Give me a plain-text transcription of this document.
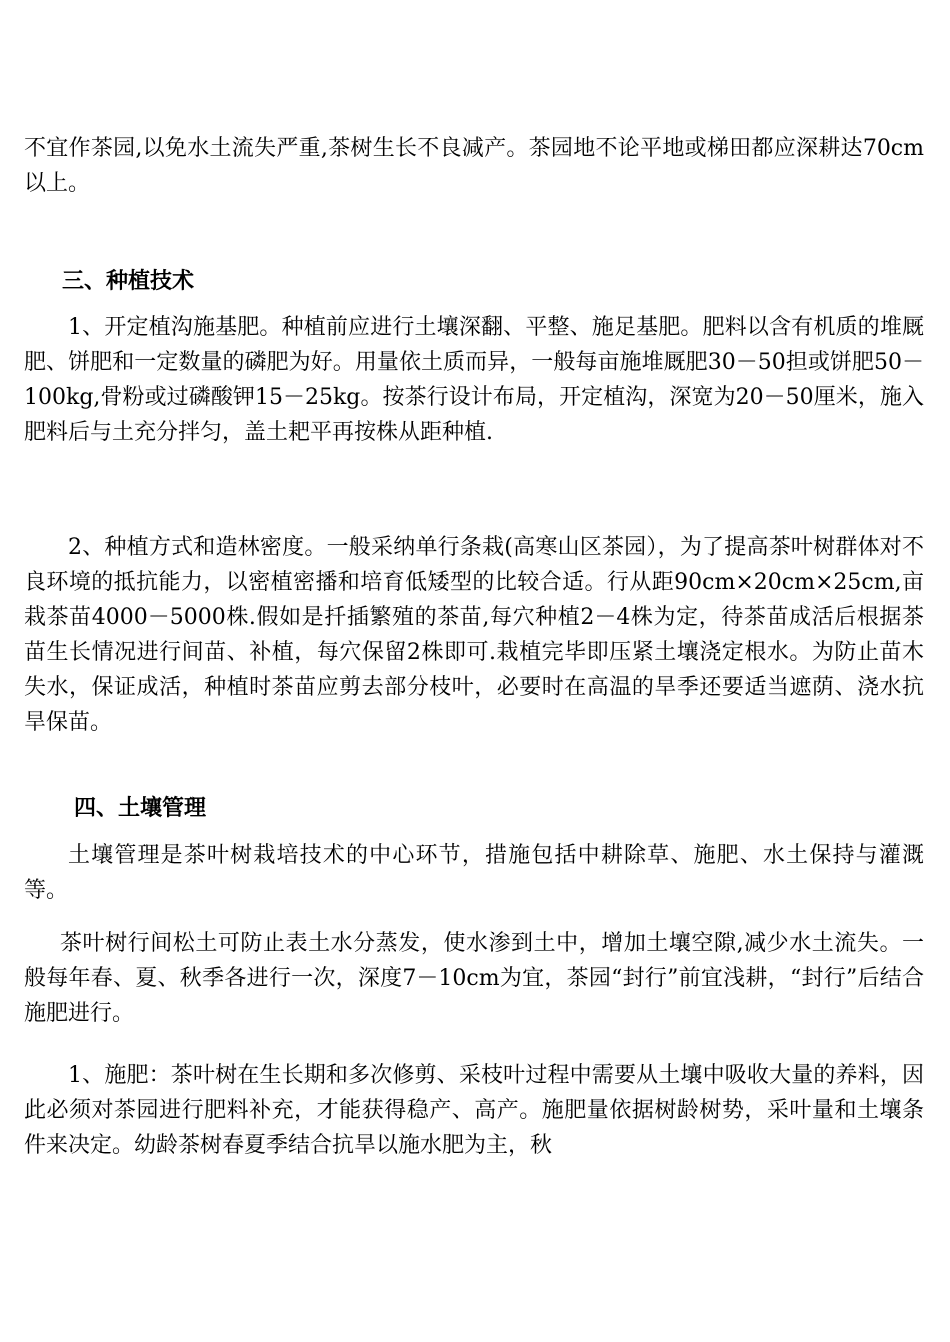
不宜作茶园,以免水土流失严重,茶树生长不良减产。茶园地不论平地或梯田都应深耕达70cm以上。

三、种植技术

1、开定植沟施基肥。种植前应进行土壤深翻、平整、施足基肥。肥料以含有机质的堆厩肥、饼肥和一定数量的磷肥为好。用量依土质而异，一般每亩施堆厩肥30－50担或饼肥50－100kg,骨粉或过磷酸钾15－25kg。按茶行设计布局，开定植沟，深宽为20－50厘米，施入肥料后与土充分拌匀，盖土耙平再按株从距种植.

2、种植方式和造林密度。一般采纳单行条栽(高寒山区茶园），为了提高茶叶树群体对不良环境的抵抗能力，以密植密播和培育低矮型的比较合适。行从距90cm×20cm×25cm,亩栽茶苗4000－5000株.假如是扦插繁殖的茶苗,每穴种植2－4株为定，待茶苗成活后根据茶苗生长情况进行间苗、补植，每穴保留2株即可.栽植完毕即压紧土壤浇定根水。为防止苗木失水，保证成活，种植时茶苗应剪去部分枝叶，必要时在高温的旱季还要适当遮荫、浇水抗旱保苗。

四、土壤管理

土壤管理是茶叶树栽培技术的中心环节，措施包括中耕除草、施肥、水土保持与灌溉等。

茶叶树行间松土可防止表土水分蒸发，使水渗到土中，增加土壤空隙,减少水土流失。一般每年春、夏、秋季各进行一次，深度7－10cm为宜，茶园“封行”前宜浅耕，“封行”后结合施肥进行。

1、施肥：茶叶树在生长期和多次修剪、采枝叶过程中需要从土壤中吸收大量的养料，因此必须对茶园进行肥料补充，才能获得稳产、高产。施肥量依据树龄树势，采叶量和土壤条件来决定。幼龄茶树春夏季结合抗旱以施水肥为主，秋
